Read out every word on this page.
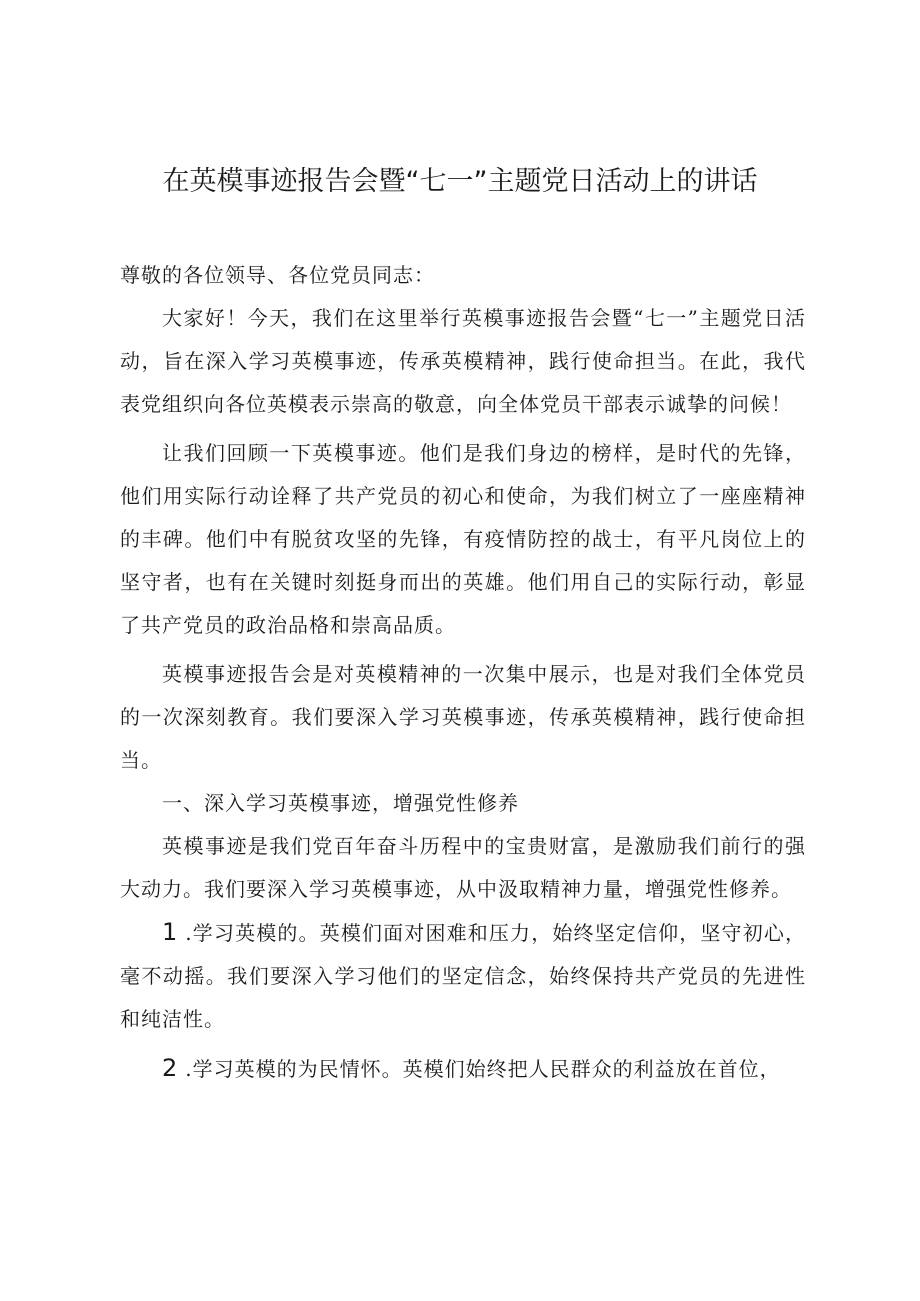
在英模事迹报告会暨“七一”主题党日活动上的讲话

尊敬的各位领导、各位党员同志：

大家好！今天，我们在这里举行英模事迹报告会暨“七一”主题党日活动，旨在深入学习英模事迹，传承英模精神，践行使命担当。在此，我代表党组织向各位英模表示崇高的敬意，向全体党员干部表示诚挚的问候！

让我们回顾一下英模事迹。他们是我们身边的榜样，是时代的先锋，他们用实际行动诠释了共产党员的初心和使命，为我们树立了一座座精神的丰碑。他们中有脱贫攻坚的先锋，有疫情防控的战士，有平凡岗位上的坚守者，也有在关键时刻挺身而出的英雄。他们用自己的实际行动，彰显了共产党员的政治品格和崇高品质。

英模事迹报告会是对英模精神的一次集中展示，也是对我们全体党员的一次深刻教育。我们要深入学习英模事迹，传承英模精神，践行使命担当。

一、深入学习英模事迹，增强党性修养

英模事迹是我们党百年奋斗历程中的宝贵财富，是激励我们前行的强大动力。我们要深入学习英模事迹，从中汲取精神力量，增强党性修养。

1.学习英模的。英模们面对困难和压力，始终坚定信仰，坚守初心，毫不动摇。我们要深入学习他们的坚定信念，始终保持共产党员的先进性和纯洁性。

2.学习英模的为民情怀。英模们始终把人民群众的利益放在首位，
